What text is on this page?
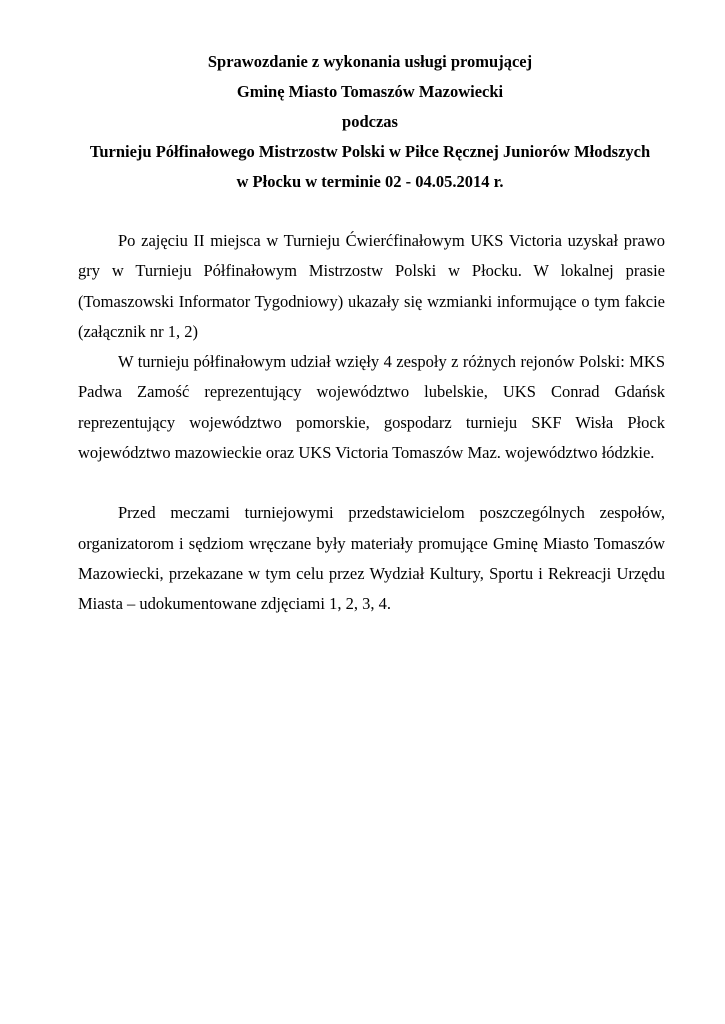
Sprawozdanie z wykonania usługi promującej
Gminę Miasto Tomaszów Mazowiecki
podczas
Turnieju Półfinałowego Mistrzostw Polski w Piłce Ręcznej Juniorów Młodszych
w Płocku w terminie 02 - 04.05.2014 r.

Po zajęciu II miejsca w Turnieju Ćwierćfinałowym UKS Victoria uzyskał prawo gry w Turnieju Półfinałowym Mistrzostw Polski w Płocku. W lokalnej prasie (Tomaszowski Informator Tygodniowy) ukazały się wzmianki informujące o tym fakcie (załącznik nr 1, 2)

W turnieju półfinałowym udział wzięły 4 zespoły z różnych rejonów Polski: MKS Padwa Zamość reprezentujący województwo lubelskie, UKS Conrad Gdańsk reprezentujący województwo pomorskie, gospodarz turnieju SKF Wisła Płock województwo mazowieckie oraz UKS Victoria Tomaszów Maz. województwo łódzkie.

Przed meczami turniejowymi przedstawicielom poszczególnych zespołów, organizatorom i sędziom wręczane były materiały promujące Gminę Miasto Tomaszów Mazowiecki, przekazane w tym celu przez Wydział Kultury, Sportu i Rekreacji Urzędu Miasta – udokumentowane zdjęciami 1, 2, 3, 4.
